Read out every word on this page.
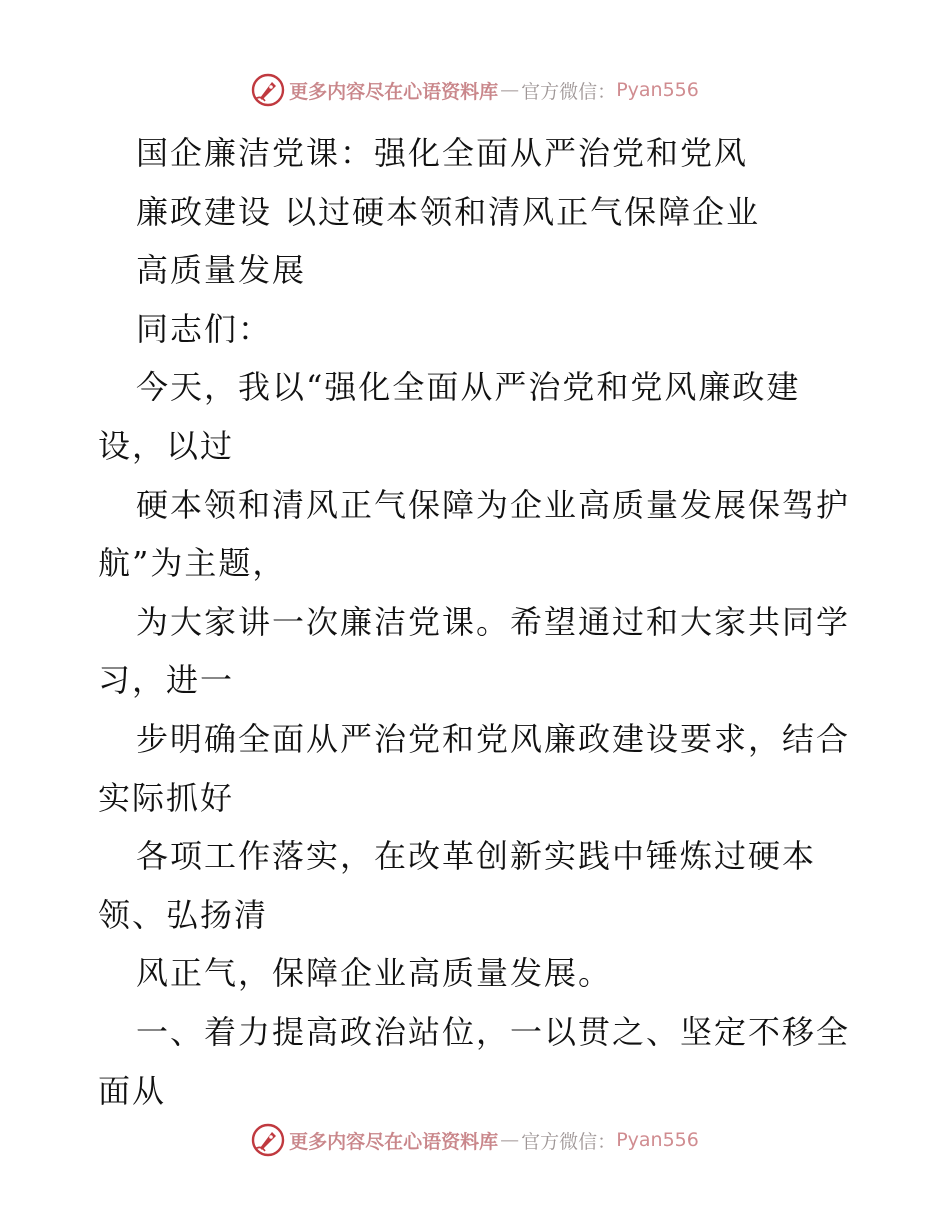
更多内容尽在心语资料库 — 官方微信： Pyan556
国企廉洁党课：强化全面从严治党和党风
廉政建设 以过硬本领和清风正气保障企业
高质量发展
同志们：
今天，我以“强化全面从严治党和党风廉政建
设，以过
硬本领和清风正气保障为企业高质量发展保驾护
航”为主题，
为大家讲一次廉洁党课。希望通过和大家共同学
习，进一
步明确全面从严治党和党风廉政建设要求，结合
实际抓好
各项工作落实，在改革创新实践中锤炼过硬本
领、弘扬清
风正气，保障企业高质量发展。
一、着力提高政治站位，一以贯之、坚定不移全
面从
更多内容尽在心语资料库 — 官方微信： Pyan556
